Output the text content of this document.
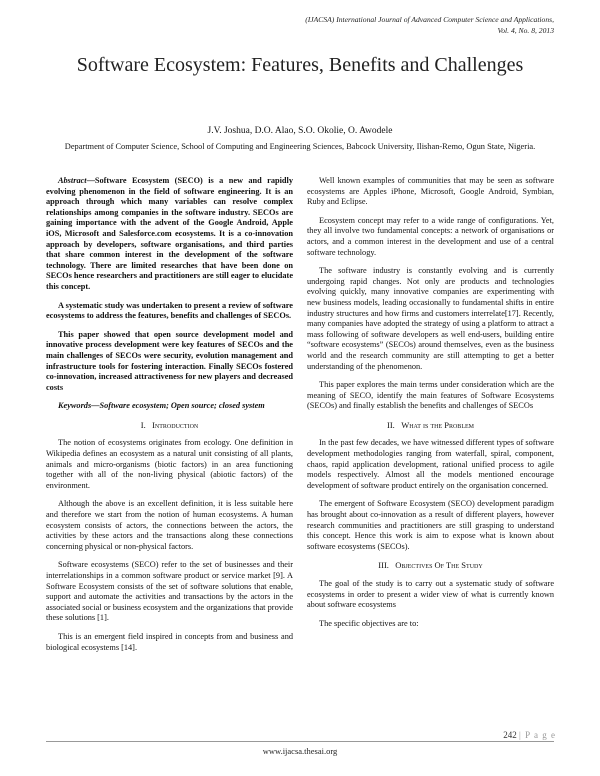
(IJACSA) International Journal of Advanced Computer Science and Applications,
Vol. 4, No. 8, 2013
Software Ecosystem: Features, Benefits and Challenges
J.V. Joshua, D.O. Alao, S.O. Okolie, O. Awodele
Department of Computer Science, School of Computing and Engineering Sciences, Babcock University, Ilishan-Remo, Ogun State, Nigeria.

Abstract—Software Ecosystem (SECO) is a new and rapidly evolving phenomenon in the field of software engineering. It is an approach through which many variables can resolve complex relationships among companies in the software industry. SECOs are gaining importance with the advent of the Google Android, Apple iOS, Microsoft and Salesforce.com ecosystems. It is a co-innovation approach by developers, software organisations, and third parties that share common interest in the development of the software technology. There are limited researches that have been done on SECOs hence researchers and practitioners are still eager to elucidate this concept.

A systematic study was undertaken to present a review of software ecosystems to address the features, benefits and challenges of SECOs.

This paper showed that open source development model and innovative process development were key features of SECOs and the main challenges of SECOs were security, evolution management and infrastructure tools for fostering interaction. Finally SECOs fostered co-innovation, increased attractiveness for new players and decreased costs

Keywords—Software ecosystem; Open source; closed system

I. Introduction

The notion of ecosystems originates from ecology. One definition in Wikipedia defines an ecosystem as a natural unit consisting of all plants, animals and micro-organisms (biotic factors) in an area functioning together with all of the non-living physical (abiotic factors) of the environment.

Although the above is an excellent definition, it is less suitable here and therefore we start from the notion of human ecosystems. A human ecosystem consists of actors, the connections between the actors, the activities by these actors and the transactions along these connections concerning physical or non-physical factors.

Software ecosystems (SECO) refer to the set of businesses and their interrelationships in a common software product or service market [9]. A Software Ecosystem consists of the set of software solutions that enable, support and automate the activities and transactions by the actors in the associated social or business ecosystem and the organizations that provide these solutions [1].

This is an emergent field inspired in concepts from and business and biological ecosystems [14].

Well known examples of communities that may be seen as software ecosystems are Apples iPhone, Microsoft, Google Android, Symbian, Ruby and Eclipse.

Ecosystem concept may refer to a wide range of configurations. Yet, they all involve two fundamental concepts: a network of organisations or actors, and a common interest in the development and use of a central software technology.

The software industry is constantly evolving and is currently undergoing rapid changes. Not only are products and technologies evolving quickly, many innovative companies are experimenting with new business models, leading occasionally to fundamental shifts in entire industry structures and how firms and customers interrelate[17]. Recently, many companies have adopted the strategy of using a platform to attract a mass following of software developers as well end-users, building entire “software ecosystems” (SECOs) around themselves, even as the business world and the research community are still attempting to get a better understanding of the phenomenon.

This paper explores the main terms under consideration which are the meaning of SECO, identify the main features of Software Ecosystems (SECOs) and finally establish the benefits and challenges of SECOs

II. What is the Problem

In the past few decades, we have witnessed different types of software development methodologies ranging from waterfall, spiral, component, chaos, rapid application development, rational unified process to agile models respectively. Almost all the models mentioned encourage development of software product entirely on the organisation concerned.

The emergent of Software Ecosystem (SECO) development paradigm has brought about co-innovation as a result of different players, however research communities and practitioners are still grasping to understand this concept. Hence this work is aim to expose what is known about software ecosystems (SECOs).

III. Objectives Of The Study

The goal of the study is to carry out a systematic study of software ecosystems in order to present a wider view of what is currently known about software ecosystems

The specific objectives are to:

242 | P a g e
www.ijacsa.thesai.org
